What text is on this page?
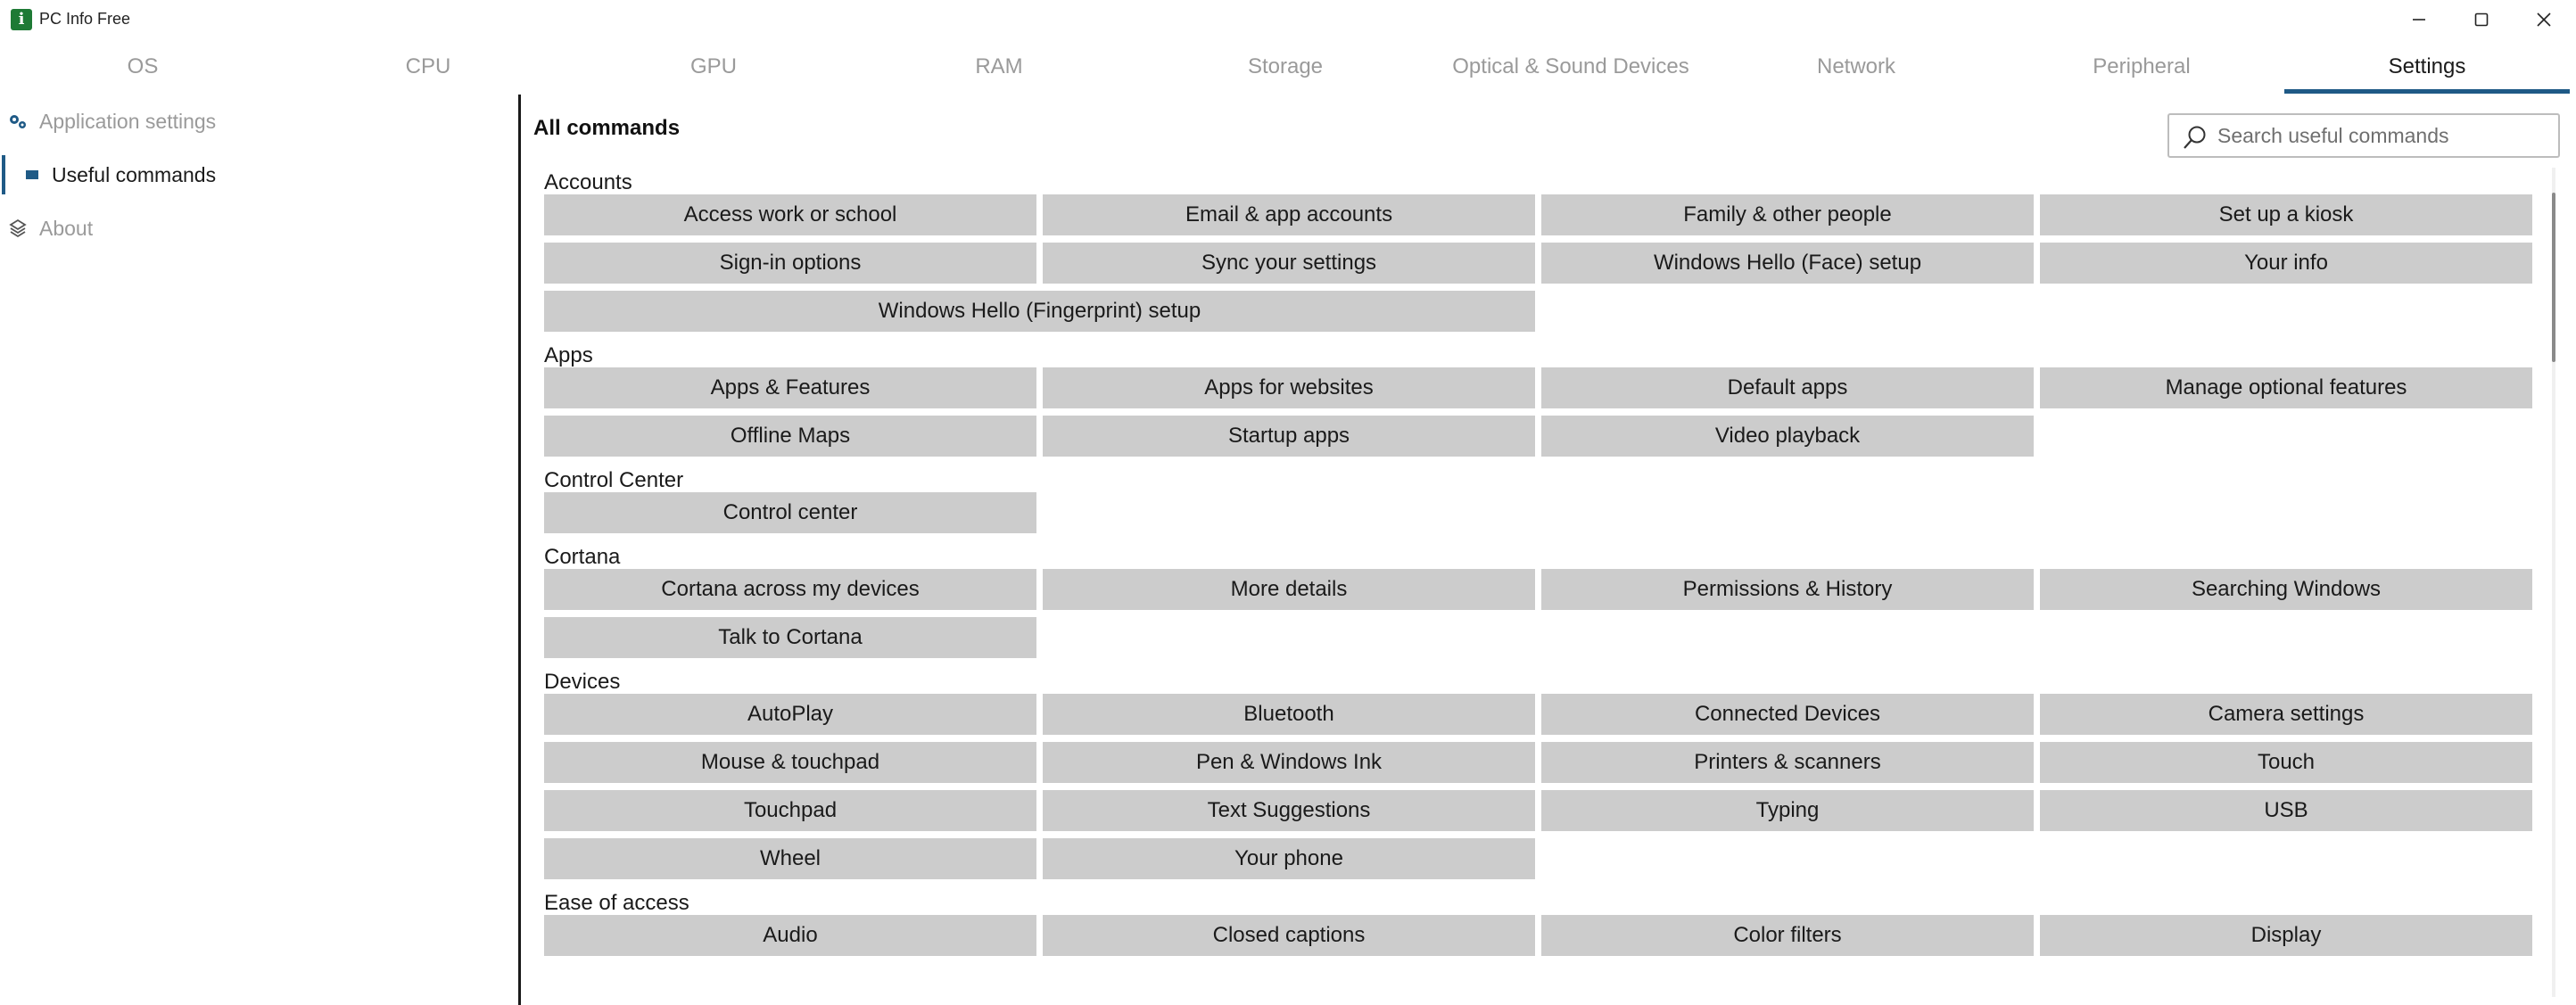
i PC Info Free
OS	CPU	GPU	RAM	Storage	Optical & Sound Devices	Network	Peripheral	Settings
Application settings
Useful commands
About
All commands
Search useful commands
Accounts
Access work or school	Email & app accounts	Family & other people	Set up a kiosk
Sign-in options	Sync your settings	Windows Hello (Face) setup	Your info
Windows Hello (Fingerprint) setup
Apps
Apps & Features	Apps for websites	Default apps	Manage optional features
Offline Maps	Startup apps	Video playback
Control Center
Control center
Cortana
Cortana across my devices	More details	Permissions & History	Searching Windows
Talk to Cortana
Devices
AutoPlay	Bluetooth	Connected Devices	Camera settings
Mouse & touchpad	Pen & Windows Ink	Printers & scanners	Touch
Touchpad	Text Suggestions	Typing	USB
Wheel	Your phone
Ease of access
Audio	Closed captions	Color filters	Display
